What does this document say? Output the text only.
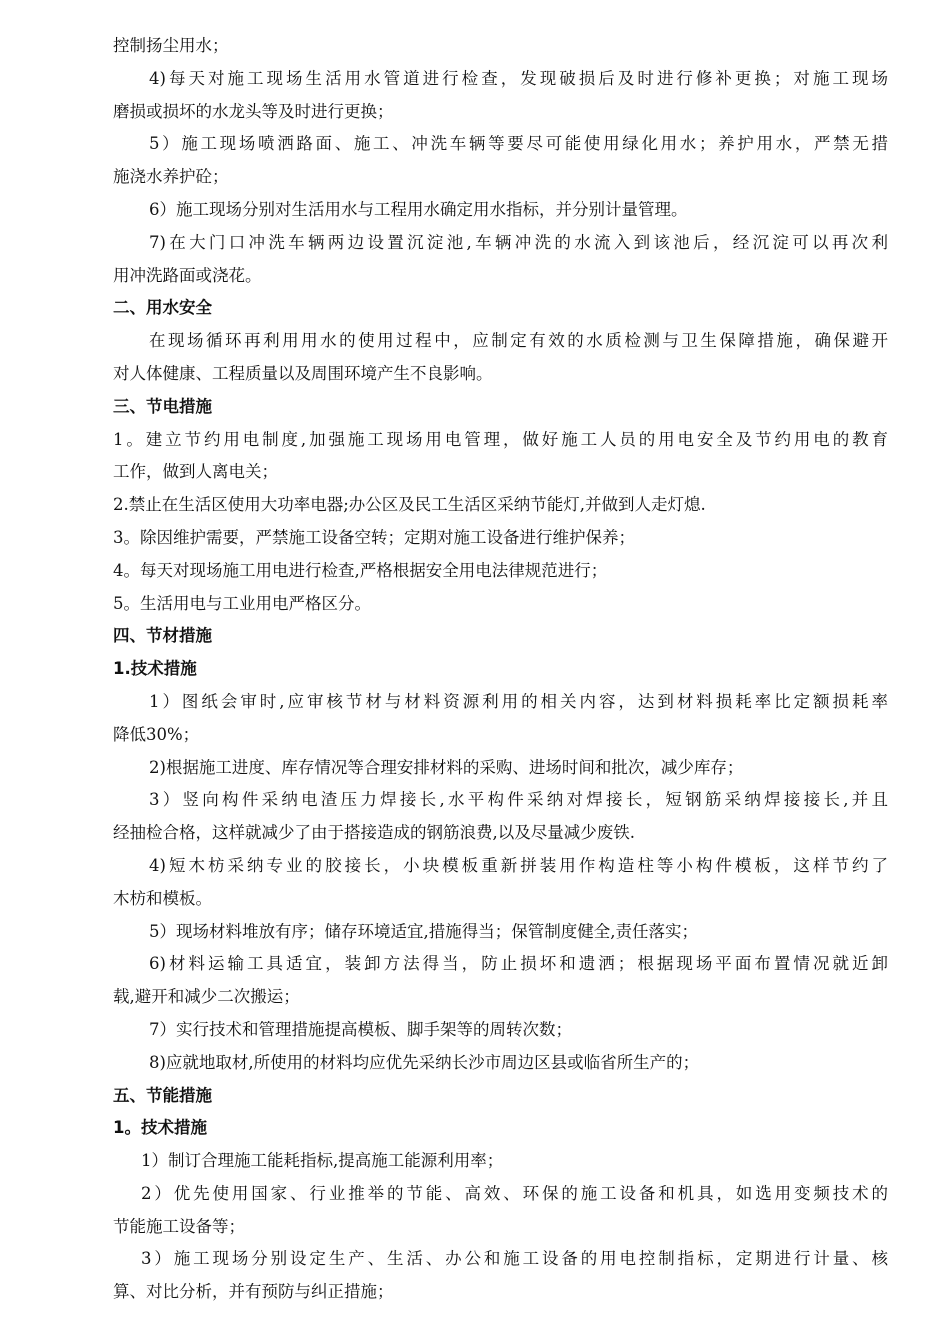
控制扬尘用水；
4)每天对施工现场生活用水管道进行检查，发现破损后及时进行修补更换；对施工现场
磨损或损坏的水龙头等及时进行更换；
5）施工现场喷洒路面、施工、冲洗车辆等要尽可能使用绿化用水；养护用水，严禁无措
施浇水养护砼；
6）施工现场分别对生活用水与工程用水确定用水指标，并分别计量管理。
7)在大门口冲洗车辆两边设置沉淀池,车辆冲洗的水流入到该池后，经沉淀可以再次利
用冲洗路面或浇花。
二、用水安全
在现场循环再利用用水的使用过程中，应制定有效的水质检测与卫生保障措施，确保避开
对人体健康、工程质量以及周围环境产生不良影响。
三、节电措施
1。建立节约用电制度,加强施工现场用电管理，做好施工人员的用电安全及节约用电的教育
工作，做到人离电关；
2.禁止在生活区使用大功率电器;办公区及民工生活区采纳节能灯,并做到人走灯熄.
3。除因维护需要，严禁施工设备空转；定期对施工设备进行维护保养；
4。每天对现场施工用电进行检查,严格根据安全用电法律规范进行；
5。生活用电与工业用电严格区分。
四、节材措施
1.技术措施
1）图纸会审时,应审核节材与材料资源利用的相关内容，达到材料损耗率比定额损耗率
降低30%；
2)根据施工进度、库存情况等合理安排材料的采购、进场时间和批次，减少库存；
3）竖向构件采纳电渣压力焊接长,水平构件采纳对焊接长，短钢筋采纳焊接接长,并且
经抽检合格，这样就减少了由于搭接造成的钢筋浪费,以及尽量减少废铁.
4)短木枋采纳专业的胶接长，小块模板重新拼装用作构造柱等小构件模板，这样节约了
木枋和模板。
5）现场材料堆放有序；储存环境适宜,措施得当；保管制度健全,责任落实；
6)材料运输工具适宜，装卸方法得当，防止损坏和遗洒；根据现场平面布置情况就近卸
载,避开和减少二次搬运；
7）实行技术和管理措施提高模板、脚手架等的周转次数；
8)应就地取材,所使用的材料均应优先采纳长沙市周边区县或临省所生产的；
五、节能措施
1。技术措施
1）制订合理施工能耗指标,提高施工能源利用率；
2）优先使用国家、行业推举的节能、高效、环保的施工设备和机具，如选用变频技术的
节能施工设备等；
3）施工现场分别设定生产、生活、办公和施工设备的用电控制指标，定期进行计量、核
算、对比分析，并有预防与纠正措施；
